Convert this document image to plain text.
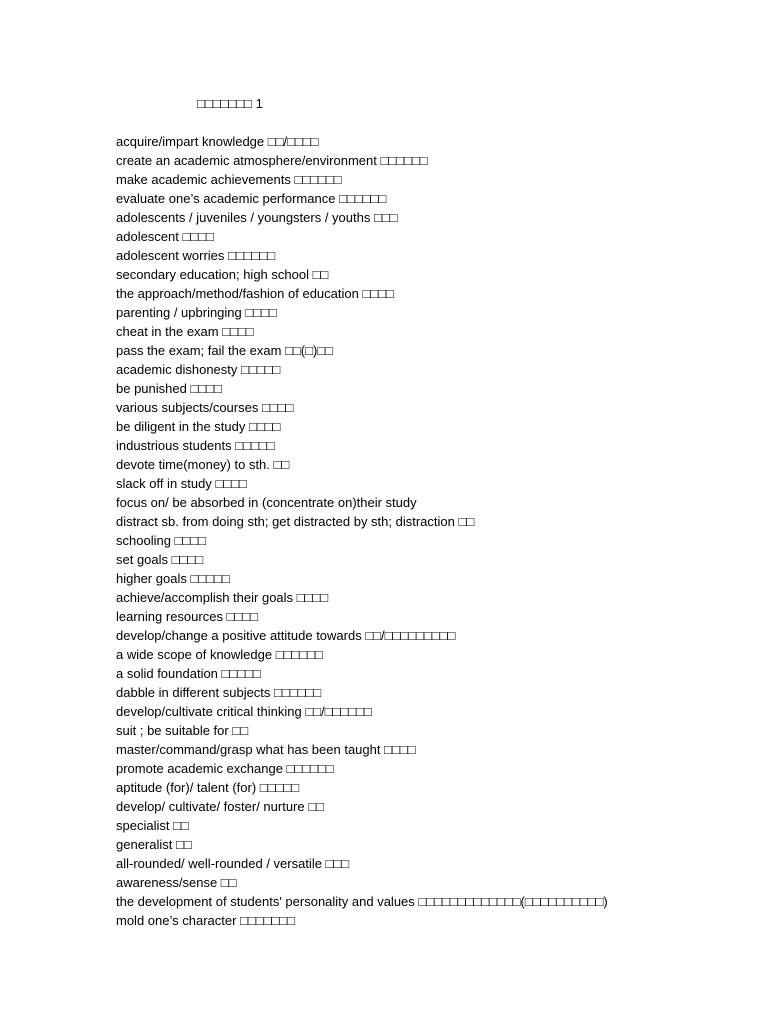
□□□□□□□ 1
acquire/impart knowledge □□/□□□□
create an academic atmosphere/environment □□□□□□
make academic achievements □□□□□□
evaluate one’s academic performance □□□□□□
adolescents / juveniles / youngsters / youths □□□
adolescent □□□□
adolescent worries □□□□□□
secondary education; high school □□
the approach/method/fashion of education □□□□
parenting / upbringing □□□□
cheat in the exam □□□□
pass the exam; fail the exam □□(□)□□
academic dishonesty □□□□□
be punished □□□□
various subjects/courses □□□□
be diligent in the study □□□□
industrious students □□□□□
devote time(money) to sth. □□
slack off in study □□□□
focus on/ be absorbed in (concentrate on)their study
distract sb. from doing sth; get distracted by sth; distraction □□
schooling □□□□
set goals □□□□
higher goals □□□□□
achieve/accomplish their goals □□□□
learning resources □□□□
develop/change a positive attitude towards □□/□□□□□□□□□
a wide scope of knowledge □□□□□□
a solid foundation □□□□□
dabble in different subjects □□□□□□
develop/cultivate critical thinking □□/□□□□□□
suit ; be suitable for □□
master/command/grasp what has been taught □□□□
promote academic exchange □□□□□□
aptitude (for)/ talent (for) □□□□□
develop/ cultivate/ foster/ nurture □□
specialist □□
generalist □□
all-rounded/ well-rounded / versatile □□□
awareness/sense □□
the development of students' personality and values □□□□□□□□□□□□□(□□□□□□□□□□)
mold one’s character □□□□□□□
